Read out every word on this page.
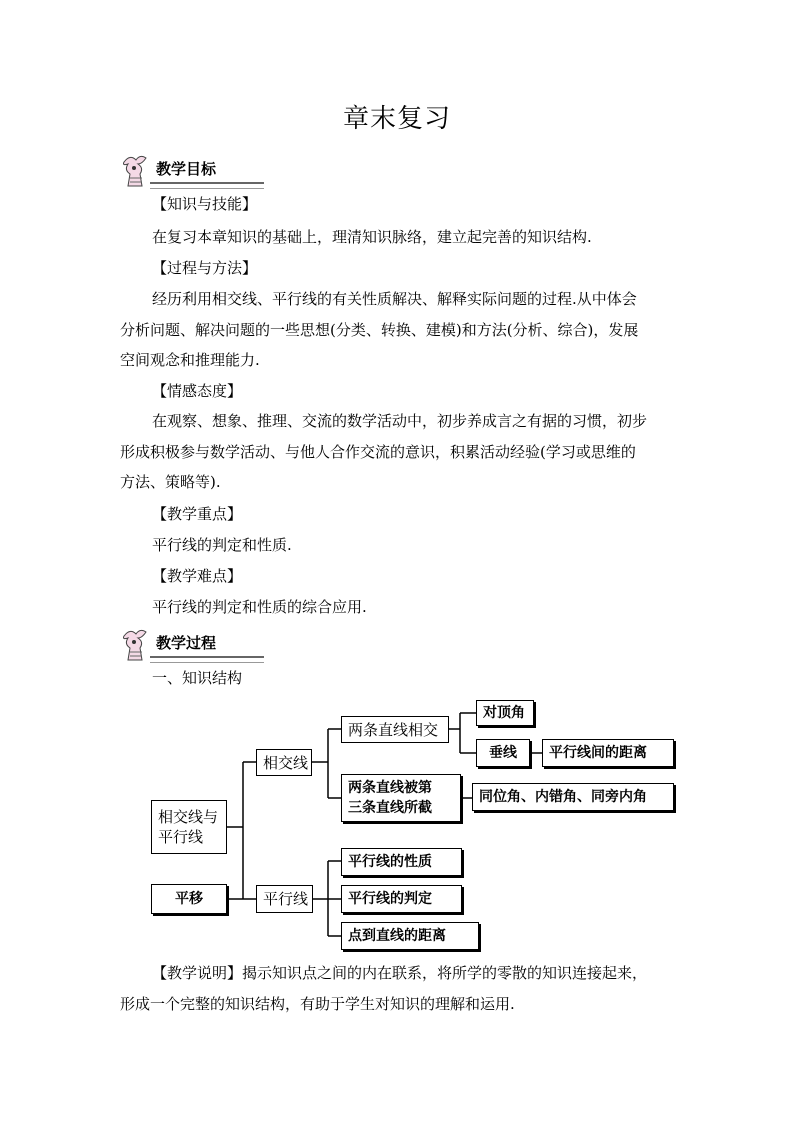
章末复习
教学目标
【知识与技能】
在复习本章知识的基础上，理清知识脉络，建立起完善的知识结构.
【过程与方法】
经历利用相交线、平行线的有关性质解决、解释实际问题的过程.从中体会
分析问题、解决问题的一些思想(分类、转换、建模)和方法(分析、综合)，发展
空间观念和推理能力.
【情感态度】
在观察、想象、推理、交流的数学活动中，初步养成言之有据的习惯，初步
形成积极参与数学活动、与他人合作交流的意识，积累活动经验(学习或思维的
方法、策略等).
【教学重点】
平行线的判定和性质.
【教学难点】
平行线的判定和性质的综合应用.
教学过程
一、知识结构
相交线与
平行线
平移
相交线
平行线
两条直线相交
对顶角
垂线	平行线间的距离
两条直线被第
三条直线所截
同位角、内错角、同旁内角
平行线的性质
平行线的判定
点到直线的距离
【教学说明】揭示知识点之间的内在联系，将所学的零散的知识连接起来，
形成一个完整的知识结构，有助于学生对知识的理解和运用.
